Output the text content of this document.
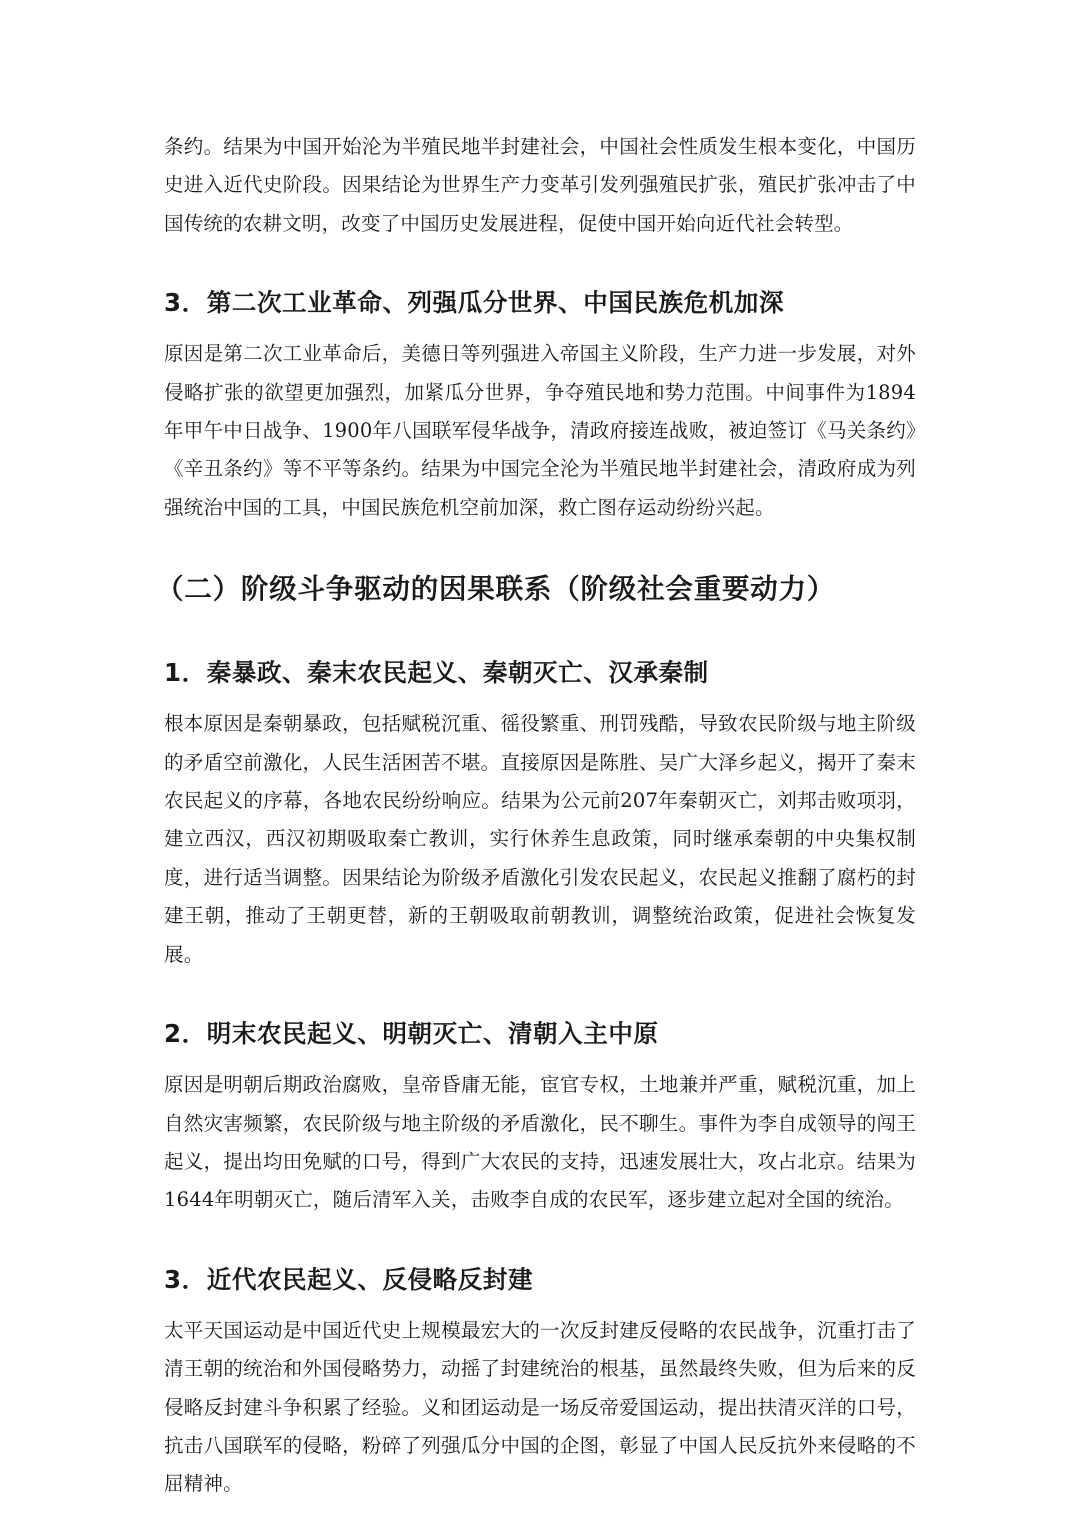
条约。结果为中国开始沦为半殖民地半封建社会，中国社会性质发生根本变化，中国历史进入近代史阶段。因果结论为世界生产力变革引发列强殖民扩张，殖民扩张冲击了中国传统的农耕文明，改变了中国历史发展进程，促使中国开始向近代社会转型。

3．第二次工业革命、列强瓜分世界、中国民族危机加深

原因是第二次工业革命后，美德日等列强进入帝国主义阶段，生产力进一步发展，对外侵略扩张的欲望更加强烈，加紧瓜分世界，争夺殖民地和势力范围。中间事件为1894年甲午中日战争、1900年八国联军侵华战争，清政府接连战败，被迫签订《马关条约》《辛丑条约》等不平等条约。结果为中国完全沦为半殖民地半封建社会，清政府成为列强统治中国的工具，中国民族危机空前加深，救亡图存运动纷纷兴起。

（二）阶级斗争驱动的因果联系（阶级社会重要动力）
1．秦暴政、秦末农民起义、秦朝灭亡、汉承秦制

根本原因是秦朝暴政，包括赋税沉重、徭役繁重、刑罚残酷，导致农民阶级与地主阶级的矛盾空前激化，人民生活困苦不堪。直接原因是陈胜、吴广大泽乡起义，揭开了秦末农民起义的序幕，各地农民纷纷响应。结果为公元前207年秦朝灭亡，刘邦击败项羽，建立西汉，西汉初期吸取秦亡教训，实行休养生息政策，同时继承秦朝的中央集权制度，进行适当调整。因果结论为阶级矛盾激化引发农民起义，农民起义推翻了腐朽的封建王朝，推动了王朝更替，新的王朝吸取前朝教训，调整统治政策，促进社会恢复发展。

2．明末农民起义、明朝灭亡、清朝入主中原

原因是明朝后期政治腐败，皇帝昏庸无能，宦官专权，土地兼并严重，赋税沉重，加上自然灾害频繁，农民阶级与地主阶级的矛盾激化，民不聊生。事件为李自成领导的闯王起义，提出均田免赋的口号，得到广大农民的支持，迅速发展壮大，攻占北京。结果为1644年明朝灭亡，随后清军入关，击败李自成的农民军，逐步建立起对全国的统治。

3．近代农民起义、反侵略反封建

太平天国运动是中国近代史上规模最宏大的一次反封建反侵略的农民战争，沉重打击了清王朝的统治和外国侵略势力，动摇了封建统治的根基，虽然最终失败，但为后来的反侵略反封建斗争积累了经验。义和团运动是一场反帝爱国运动，提出扶清灭洋的口号，抗击八国联军的侵略，粉碎了列强瓜分中国的企图，彰显了中国人民反抗外来侵略的不屈精神。
